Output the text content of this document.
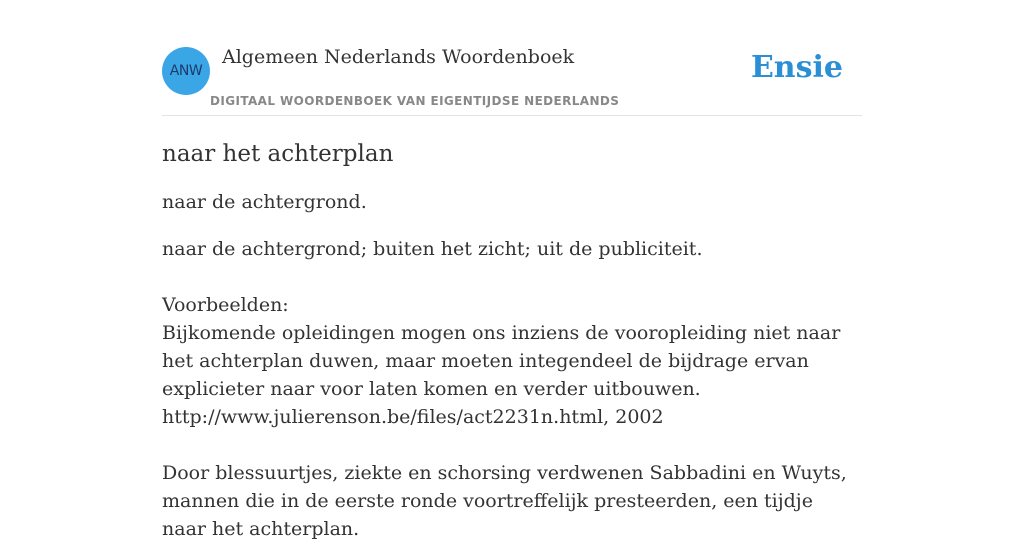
ANW
Algemeen Nederlands Woordenboek
DIGITAAL WOORDENBOEK VAN EIGENTIJDSE NEDERLANDS
Ensie
naar het achterplan

naar de achtergrond.

naar de achtergrond; buiten het zicht; uit de publiciteit.

Voorbeelden:
Bijkomende opleidingen mogen ons inziens de vooropleiding niet naar het achterplan duwen, maar moeten integendeel de bijdrage ervan explicieter naar voor laten komen en verder uitbouwen.
http://www.julierenson.be/files/act2231n.html, 2002
Door blessuurtjes, ziekte en schorsing verdwenen Sabbadini en Wuyts, mannen die in de eerste ronde voortreffelijk presteerden, een tijdje naar het achterplan.
